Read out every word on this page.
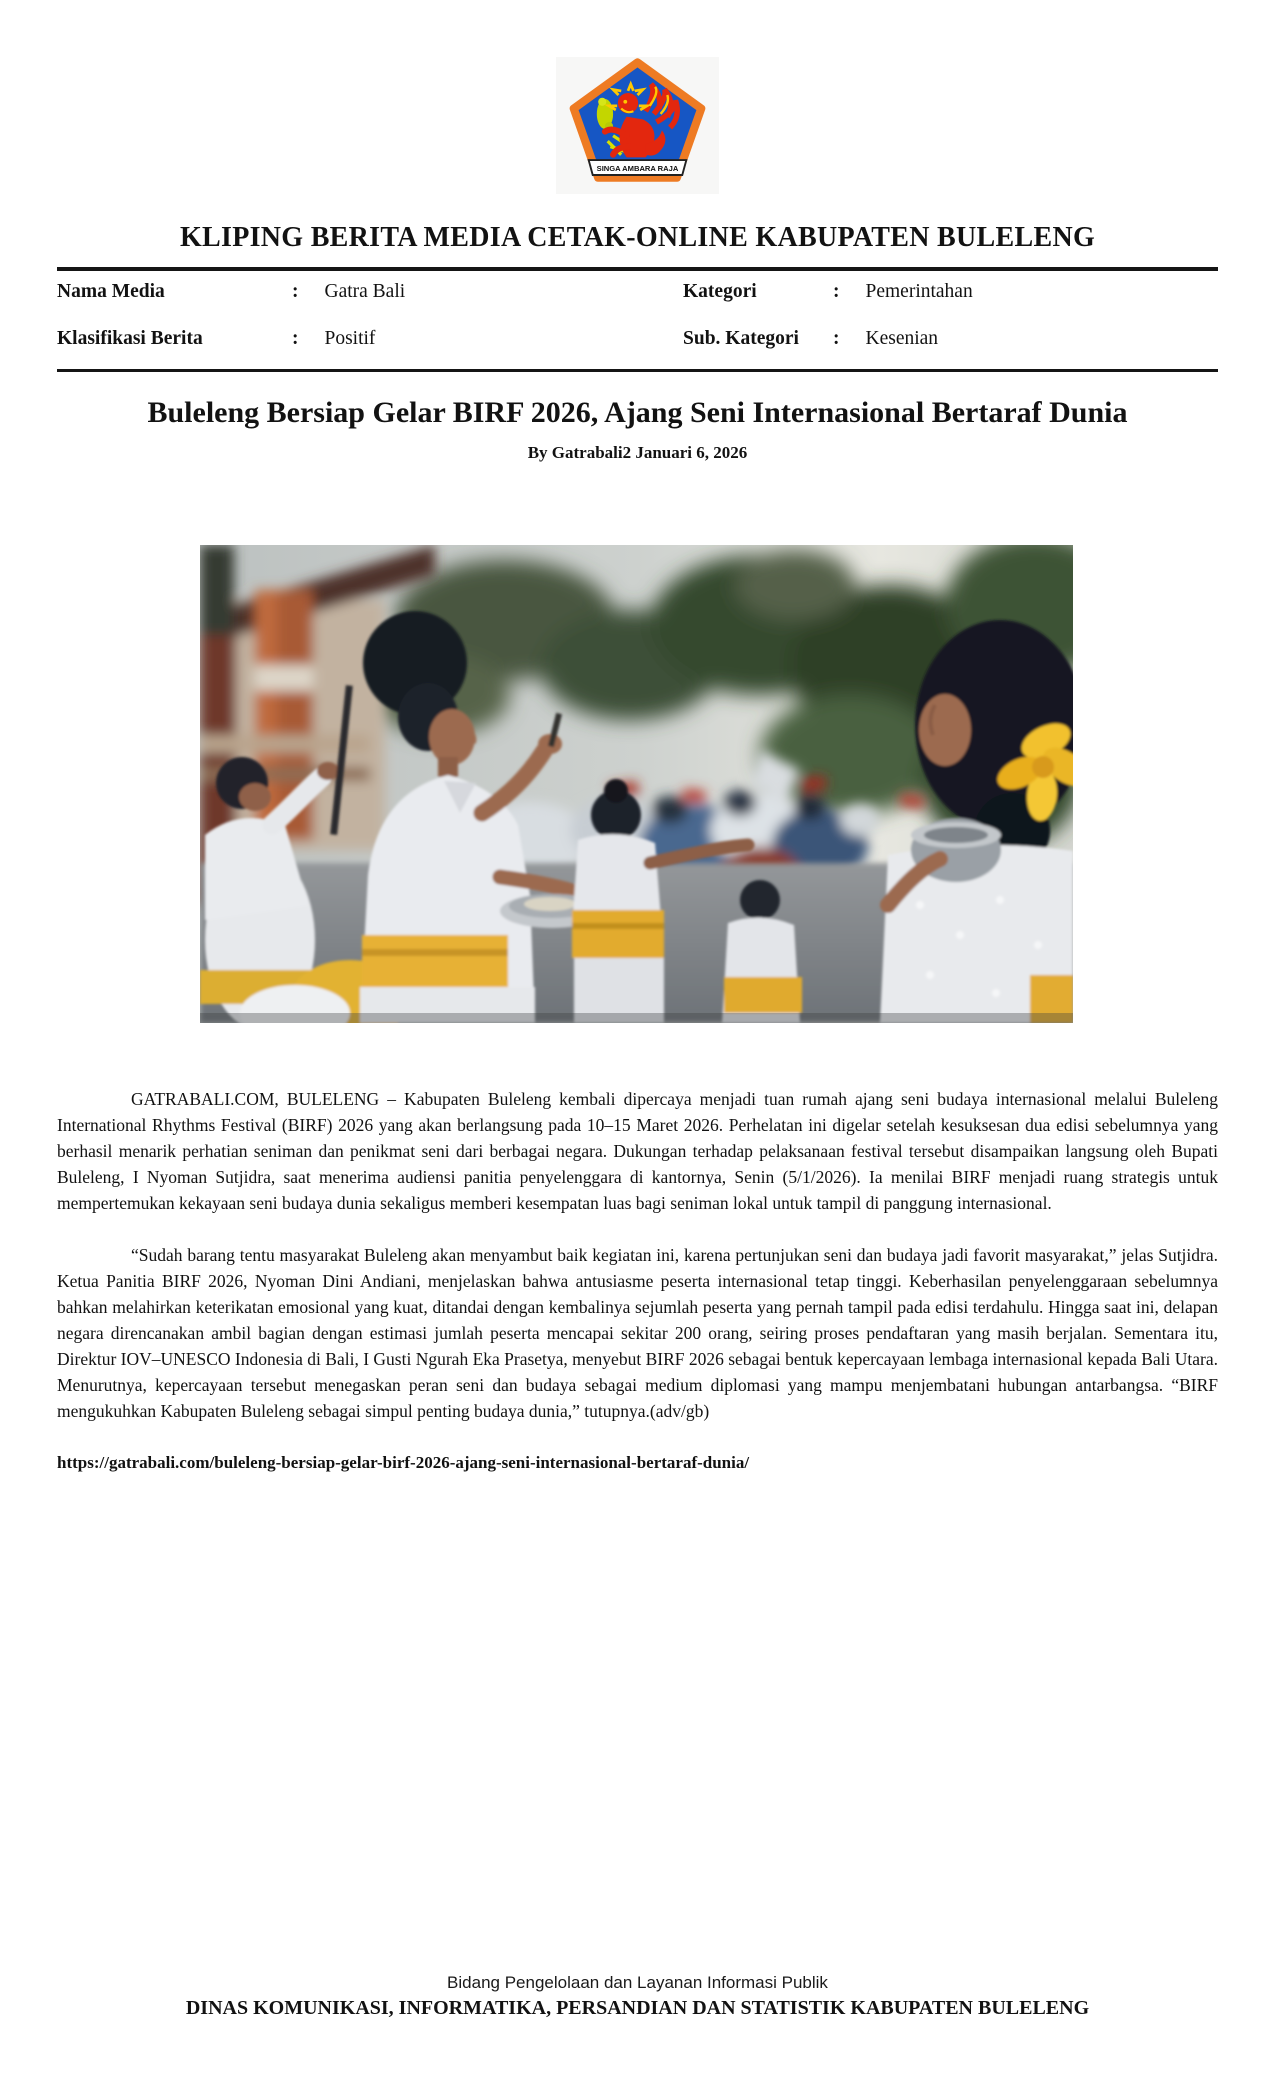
SINGA AMBARA RAJA
KLIPING BERITA MEDIA CETAK-ONLINE KABUPATEN BULELENG
Nama Media	: Gatra Bali
Klasifikasi Berita	: Positif
Kategori	: Pemerintahan
Sub. Kategori	: Kesenian
Buleleng Bersiap Gelar BIRF 2026, Ajang Seni Internasional Bertaraf Dunia
By Gatrabali2 Januari 6, 2026

GATRABALI.COM, BULELENG – Kabupaten Buleleng kembali dipercaya menjadi tuan rumah ajang seni budaya internasional melalui Buleleng International Rhythms Festival (BIRF) 2026 yang akan berlangsung pada 10–15 Maret 2026. Perhelatan ini digelar setelah kesuksesan dua edisi sebelumnya yang berhasil menarik perhatian seniman dan penikmat seni dari berbagai negara. Dukungan terhadap pelaksanaan festival tersebut disampaikan langsung oleh Bupati Buleleng, I Nyoman Sutjidra, saat menerima audiensi panitia penyelenggara di kantornya, Senin (5/1/2026). Ia menilai BIRF menjadi ruang strategis untuk mempertemukan kekayaan seni budaya dunia sekaligus memberi kesempatan luas bagi seniman lokal untuk tampil di panggung internasional.

“Sudah barang tentu masyarakat Buleleng akan menyambut baik kegiatan ini, karena pertunjukan seni dan budaya jadi favorit masyarakat,” jelas Sutjidra. Ketua Panitia BIRF 2026, Nyoman Dini Andiani, menjelaskan bahwa antusiasme peserta internasional tetap tinggi. Keberhasilan penyelenggaraan sebelumnya bahkan melahirkan keterikatan emosional yang kuat, ditandai dengan kembalinya sejumlah peserta yang pernah tampil pada edisi terdahulu. Hingga saat ini, delapan negara direncanakan ambil bagian dengan estimasi jumlah peserta mencapai sekitar 200 orang, seiring proses pendaftaran yang masih berjalan. Sementara itu, Direktur IOV–UNESCO Indonesia di Bali, I Gusti Ngurah Eka Prasetya, menyebut BIRF 2026 sebagai bentuk kepercayaan lembaga internasional kepada Bali Utara. Menurutnya, kepercayaan tersebut menegaskan peran seni dan budaya sebagai medium diplomasi yang mampu menjembatani hubungan antarbangsa. “BIRF mengukuhkan Kabupaten Buleleng sebagai simpul penting budaya dunia,” tutupnya.(adv/gb)

https://gatrabali.com/buleleng-bersiap-gelar-birf-2026-ajang-seni-internasional-bertaraf-dunia/
Bidang Pengelolaan dan Layanan Informasi Publik
DINAS KOMUNIKASI, INFORMATIKA, PERSANDIAN DAN STATISTIK KABUPATEN BULELENG
